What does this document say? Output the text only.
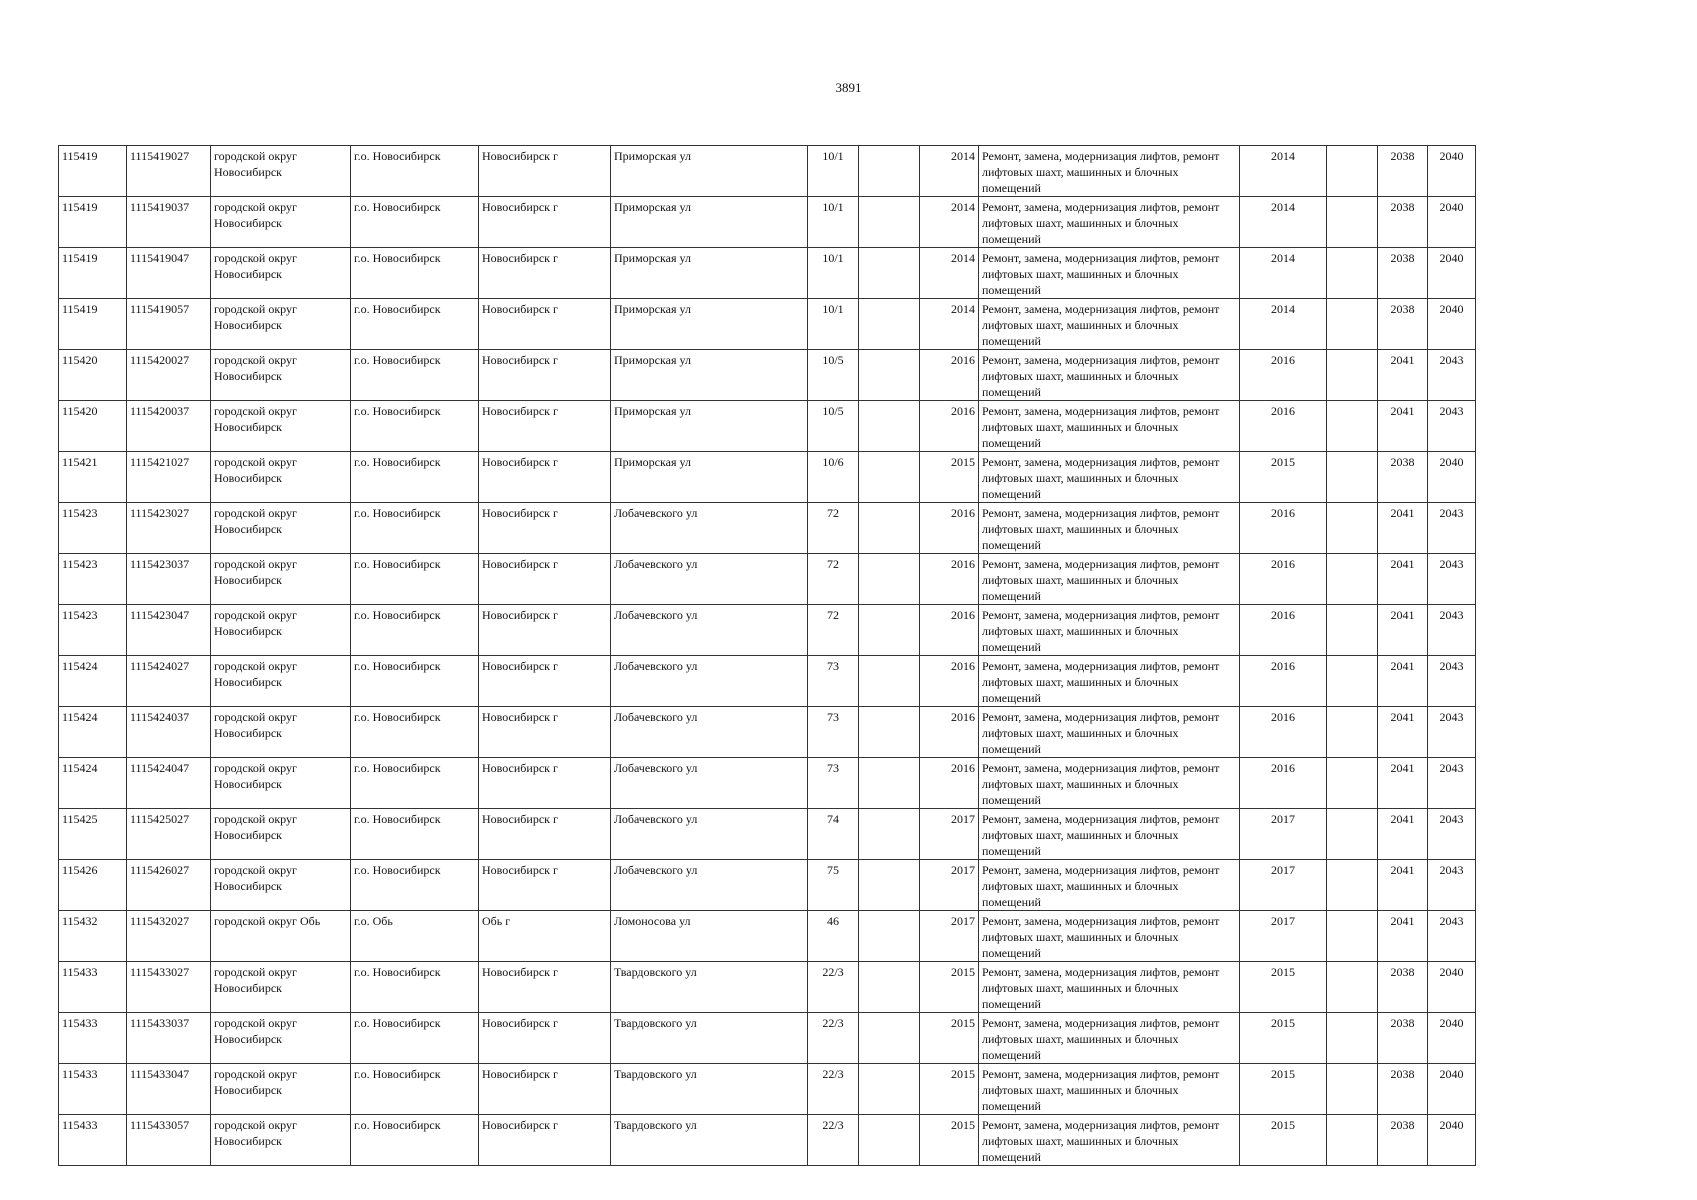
3891
115419	1115419027	городской округ Новосибирск	г.о. Новосибирск	Новосибирск г	Приморская ул	10/1		2014	Ремонт, замена, модернизация лифтов, ремонт лифтовых шахт, машинных и блочных помещений	2014		2038	2040
115419	1115419037	городской округ Новосибирск	г.о. Новосибирск	Новосибирск г	Приморская ул	10/1		2014	Ремонт, замена, модернизация лифтов, ремонт лифтовых шахт, машинных и блочных помещений	2014		2038	2040
115419	1115419047	городской округ Новосибирск	г.о. Новосибирск	Новосибирск г	Приморская ул	10/1		2014	Ремонт, замена, модернизация лифтов, ремонт лифтовых шахт, машинных и блочных помещений	2014		2038	2040
115419	1115419057	городской округ Новосибирск	г.о. Новосибирск	Новосибирск г	Приморская ул	10/1		2014	Ремонт, замена, модернизация лифтов, ремонт лифтовых шахт, машинных и блочных помещений	2014		2038	2040
115420	1115420027	городской округ Новосибирск	г.о. Новосибирск	Новосибирск г	Приморская ул	10/5		2016	Ремонт, замена, модернизация лифтов, ремонт лифтовых шахт, машинных и блочных помещений	2016		2041	2043
115420	1115420037	городской округ Новосибирск	г.о. Новосибирск	Новосибирск г	Приморская ул	10/5		2016	Ремонт, замена, модернизация лифтов, ремонт лифтовых шахт, машинных и блочных помещений	2016		2041	2043
115421	1115421027	городской округ Новосибирск	г.о. Новосибирск	Новосибирск г	Приморская ул	10/6		2015	Ремонт, замена, модернизация лифтов, ремонт лифтовых шахт, машинных и блочных помещений	2015		2038	2040
115423	1115423027	городской округ Новосибирск	г.о. Новосибирск	Новосибирск г	Лобачевского ул	72		2016	Ремонт, замена, модернизация лифтов, ремонт лифтовых шахт, машинных и блочных помещений	2016		2041	2043
115423	1115423037	городской округ Новосибирск	г.о. Новосибирск	Новосибирск г	Лобачевского ул	72		2016	Ремонт, замена, модернизация лифтов, ремонт лифтовых шахт, машинных и блочных помещений	2016		2041	2043
115423	1115423047	городской округ Новосибирск	г.о. Новосибирск	Новосибирск г	Лобачевского ул	72		2016	Ремонт, замена, модернизация лифтов, ремонт лифтовых шахт, машинных и блочных помещений	2016		2041	2043
115424	1115424027	городской округ Новосибирск	г.о. Новосибирск	Новосибирск г	Лобачевского ул	73		2016	Ремонт, замена, модернизация лифтов, ремонт лифтовых шахт, машинных и блочных помещений	2016		2041	2043
115424	1115424037	городской округ Новосибирск	г.о. Новосибирск	Новосибирск г	Лобачевского ул	73		2016	Ремонт, замена, модернизация лифтов, ремонт лифтовых шахт, машинных и блочных помещений	2016		2041	2043
115424	1115424047	городской округ Новосибирск	г.о. Новосибирск	Новосибирск г	Лобачевского ул	73		2016	Ремонт, замена, модернизация лифтов, ремонт лифтовых шахт, машинных и блочных помещений	2016		2041	2043
115425	1115425027	городской округ Новосибирск	г.о. Новосибирск	Новосибирск г	Лобачевского ул	74		2017	Ремонт, замена, модернизация лифтов, ремонт лифтовых шахт, машинных и блочных помещений	2017		2041	2043
115426	1115426027	городской округ Новосибирск	г.о. Новосибирск	Новосибирск г	Лобачевского ул	75		2017	Ремонт, замена, модернизация лифтов, ремонт лифтовых шахт, машинных и блочных помещений	2017		2041	2043
115432	1115432027	городской округ Обь	г.о. Обь	Обь г	Ломоносова ул	46		2017	Ремонт, замена, модернизация лифтов, ремонт лифтовых шахт, машинных и блочных помещений	2017		2041	2043
115433	1115433027	городской округ Новосибирск	г.о. Новосибирск	Новосибирск г	Твардовского ул	22/3		2015	Ремонт, замена, модернизация лифтов, ремонт лифтовых шахт, машинных и блочных помещений	2015		2038	2040
115433	1115433037	городской округ Новосибирск	г.о. Новосибирск	Новосибирск г	Твардовского ул	22/3		2015	Ремонт, замена, модернизация лифтов, ремонт лифтовых шахт, машинных и блочных помещений	2015		2038	2040
115433	1115433047	городской округ Новосибирск	г.о. Новосибирск	Новосибирск г	Твардовского ул	22/3		2015	Ремонт, замена, модернизация лифтов, ремонт лифтовых шахт, машинных и блочных помещений	2015		2038	2040
115433	1115433057	городской округ Новосибирск	г.о. Новосибирск	Новосибирск г	Твардовского ул	22/3		2015	Ремонт, замена, модернизация лифтов, ремонт лифтовых шахт, машинных и блочных помещений	2015		2038	2040
